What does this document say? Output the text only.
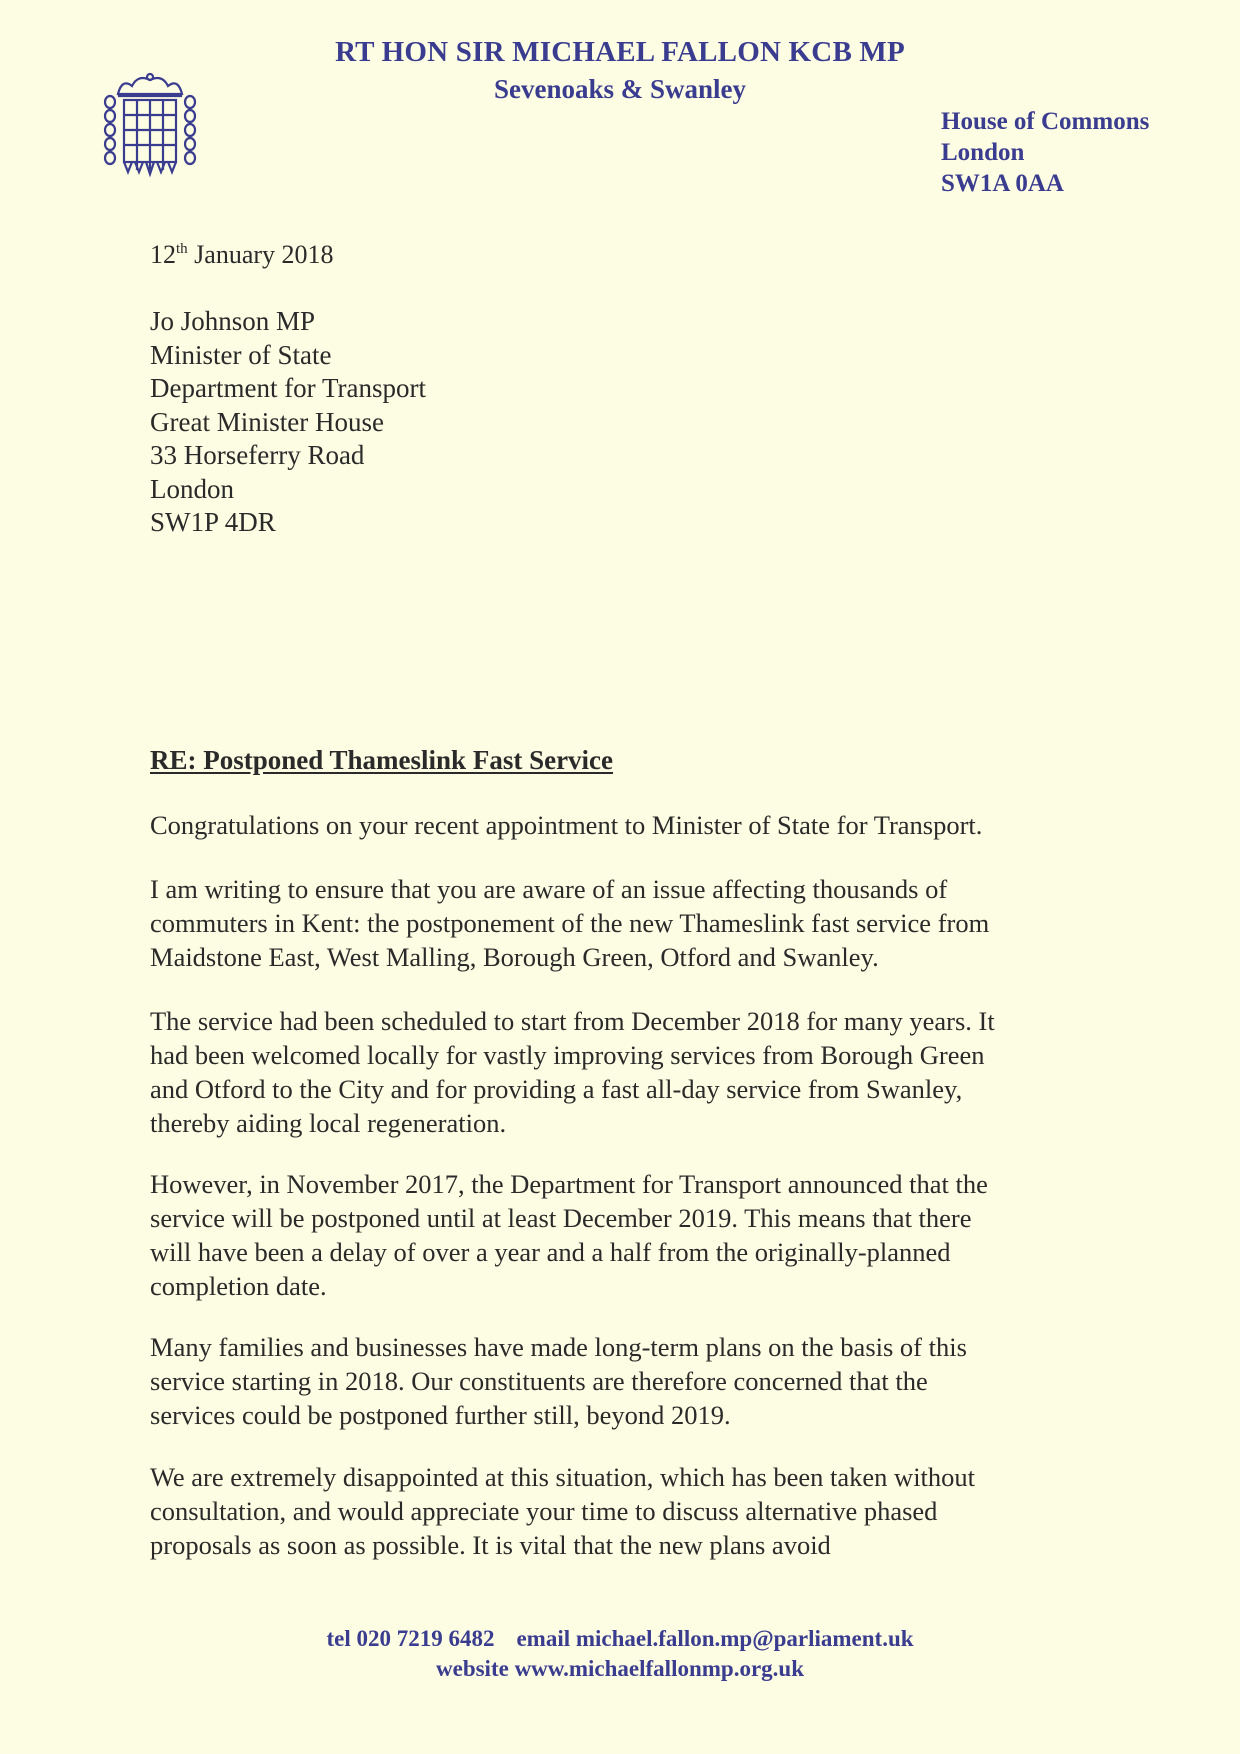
RT HON SIR MICHAEL FALLON KCB MP
Sevenoaks & Swanley
House of Commons
London
SW1A 0AA
12th January 2018
Jo Johnson MP
Minister of State
Department for Transport
Great Minister House
33 Horseferry Road
London
SW1P 4DR
RE: Postponed Thameslink Fast Service
Congratulations on your recent appointment to Minister of State for Transport.
I am writing to ensure that you are aware of an issue affecting thousands of
commuters in Kent: the postponement of the new Thameslink fast service from
Maidstone East, West Malling, Borough Green, Otford and Swanley.
The service had been scheduled to start from December 2018 for many years. It
had been welcomed locally for vastly improving services from Borough Green
and Otford to the City and for providing a fast all-day service from Swanley,
thereby aiding local regeneration.
However, in November 2017, the Department for Transport announced that the
service will be postponed until at least December 2019. This means that there
will have been a delay of over a year and a half from the originally-planned
completion date.
Many families and businesses have made long-term plans on the basis of this
service starting in 2018. Our constituents are therefore concerned that the
services could be postponed further still, beyond 2019.
We are extremely disappointed at this situation, which has been taken without
consultation, and would appreciate your time to discuss alternative phased
proposals as soon as possible. It is vital that the new plans avoid
tel 020 7219 6482 email michael.fallon.mp@parliament.uk
website www.michaelfallonmp.org.uk
